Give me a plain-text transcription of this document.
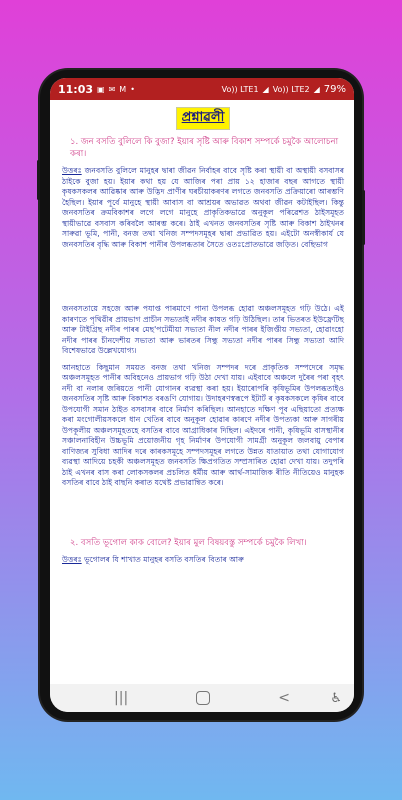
11:03 ▣ ✉ M •	Vo)) LTE1 ◢ Vo)) LTE2 ◢ 79%
প্ৰশ্নাৱলী
১. জন বসতি বুলিলে কি বুজা? ইয়াৰ সৃষ্টি আৰু বিকাশ সম্পৰ্কে চমুকৈ আলোচনা কৰা।
উত্তৰঃ জনবসতি বুলিলে মানুহৰ দ্বাৰা জীৱন নিৰ্বাহৰ বাবে সৃষ্টি কৰা স্থায়ী বা অস্থায়ী বসবাসৰ ঠাইকে বুজা হয়। ইয়াৰ কথা হয় যে আজিৰ পৰা প্ৰায় ১২ হাজাৰ বছৰ আগতে স্থায়ী কৃষকসকলৰ আৱিষ্কাৰ আৰু উদ্ভিদ প্ৰাণীৰ ঘৰচীয়াকৰণৰ লগতে জনবসতি প্ৰক্ৰিয়াৰো আৰম্ভণি হৈছিল। ইয়াৰ পূৰ্বে মানুহে স্থায়ী আবাস বা আশ্ৰয়ৰ অভাৱত অথবা জীৱন কটাইছিল। কিন্তু জনবসতিৰ ক্ৰমবিকাশৰ লগে লগে মানুহে প্ৰাকৃতিকভাৱে অনুকূল পৰিৱেশত ঠাইসমূহত স্থায়ীভাৱে বসবাস কৰিবলৈ আৰম্ভ কৰে। ঠাই এখনত জনবসতিৰ সৃষ্টি আৰু বিকাশ ঠাইখনৰ সাৰুৱা ভূমি, পানী, বনজ তথা খনিজ সম্পদসমূহৰ দ্বাৰা প্ৰভাৱিত হয়। এইটো অনস্বীকাৰ্য যে জনবসতিৰ বৃদ্ধি আৰু বিকাশ পানীৰ উপলব্ধতাৰ সৈতে ওতঃপ্ৰোতভাৱে জড়িত। বেছিভাগ
জনবসতায়ে সহজে আৰু পযাপ্ত পাৰমাণে পানা উপলব্ধ হোৱা অঞ্চলসমূহত গঢ়ি উঠে। এই কাৰণতে পৃথিৱীৰ প্ৰায়ভাগ প্ৰাচীন সভ্যতাই নদীৰ কাষত গঢ়ি উঠিছিল। তাৰ ভিতৰত ইউফ্ৰেটিছ আৰু টাইগ্ৰিছ নদীৰ পাৰৰ মেছ'পটেমীয়া সভ্যতা নীল নদীৰ পাৰৰ ইজিপ্তীয় সভ্যতা, হোৱাংহো নদীৰ পাৰৰ চীনদেশীয় সভ্যতা আৰু ভাৰতৰ সিন্ধু সভ্যতা নদীৰ পাৰৰ সিন্ধু সভ্যতা আদি বিশেষভাৱে উল্লেখযোগ্য।
আনহাতে কিছুমান সময়ত বনজ তথা খনিজ সম্পদৰ দৰে প্ৰাকৃতিক সম্পদেৰে সমৃদ্ধ অঞ্চলসমূহত পানীৰ অবিহনেও প্ৰায়ভাগ গঢ়ি উঠা দেখা যায়। এইবাবে অঞ্চলে দুৰৈৰ পৰা বৃহৎ নদী বা নলাৰ জৰিয়তে পানী যোগানৰ ব্যৱস্থা কৰা হয়। ইয়াৰোপৰি কৃষিভূমিৰ উপলব্ধতাইও জনবসতিৰ সৃষ্টি আৰু বিকাশত বৰঙণি যোগায়। উদাহৰণস্বৰূপে ইটাৰ্ট ৰ কৃষকসকলে কৃষিৰ বাবে উপযোগী সমান ঠাইত বসবাসৰ বাবে নিৰ্মাণ কৰিছিল। আনহাতে দক্ষিণ পূব এছিয়াতো প্ৰত্যক্ষ কৰা মংগোলীয়সকলে ধান খেতিৰ বাবে অনুকূল হোৱাৰ কাৰণে নদীৰ উপত্যকা আৰু সাগৰীয় উপকূলীয় অঞ্চলসমূহতহে বসতিৰ বাবে আগ্ৰাধিকাৰ দিছিল। এইদৰে পানী, কৃষিভূমি বাসস্থানীৰ সঞ্চালনাবিহীন উচ্চভূমি প্ৰয়োজনীয় গৃহ নিৰ্মাণৰ উপযোগী সামগ্ৰী অনুকূল জলবায়ু বেপাৰ বাণিজ্যৰ সুবিধা আদিৰ দৰে কাৰকসমূহে সম্পদসমূহৰ লগতে উন্নত যাতায়াত তথা যোগাযোগ ব্যৱস্থা আদিয়ে চহকী অঞ্চলসমূহত জনবসতি ক্ষিপ্ৰগতিত সম্প্ৰসাৰিত হোৱা দেখা যায়। তদুপৰি ঠাই এখনৰ বাস কৰা লোকসকলৰ প্ৰচলিত ধৰ্মীয় আৰু আৰ্থ-সামাজিক ৰীতি নীতিয়েও মানুহক বসতিৰ বাবে ঠাই বাছনি কৰাত যথেষ্ট প্ৰভাৱান্বিত কৰে।
২. বসতি ভূগোল কাক বোলে? ইয়াৰ মুল বিষয়বস্তু সম্পৰ্কে চমুকৈ লিখা।
উত্তৰঃ ভূগোলৰ যি শাখাত মানুহৰ বসতি বসতিৰ বিতাৰ আৰু
|||	<	♿
